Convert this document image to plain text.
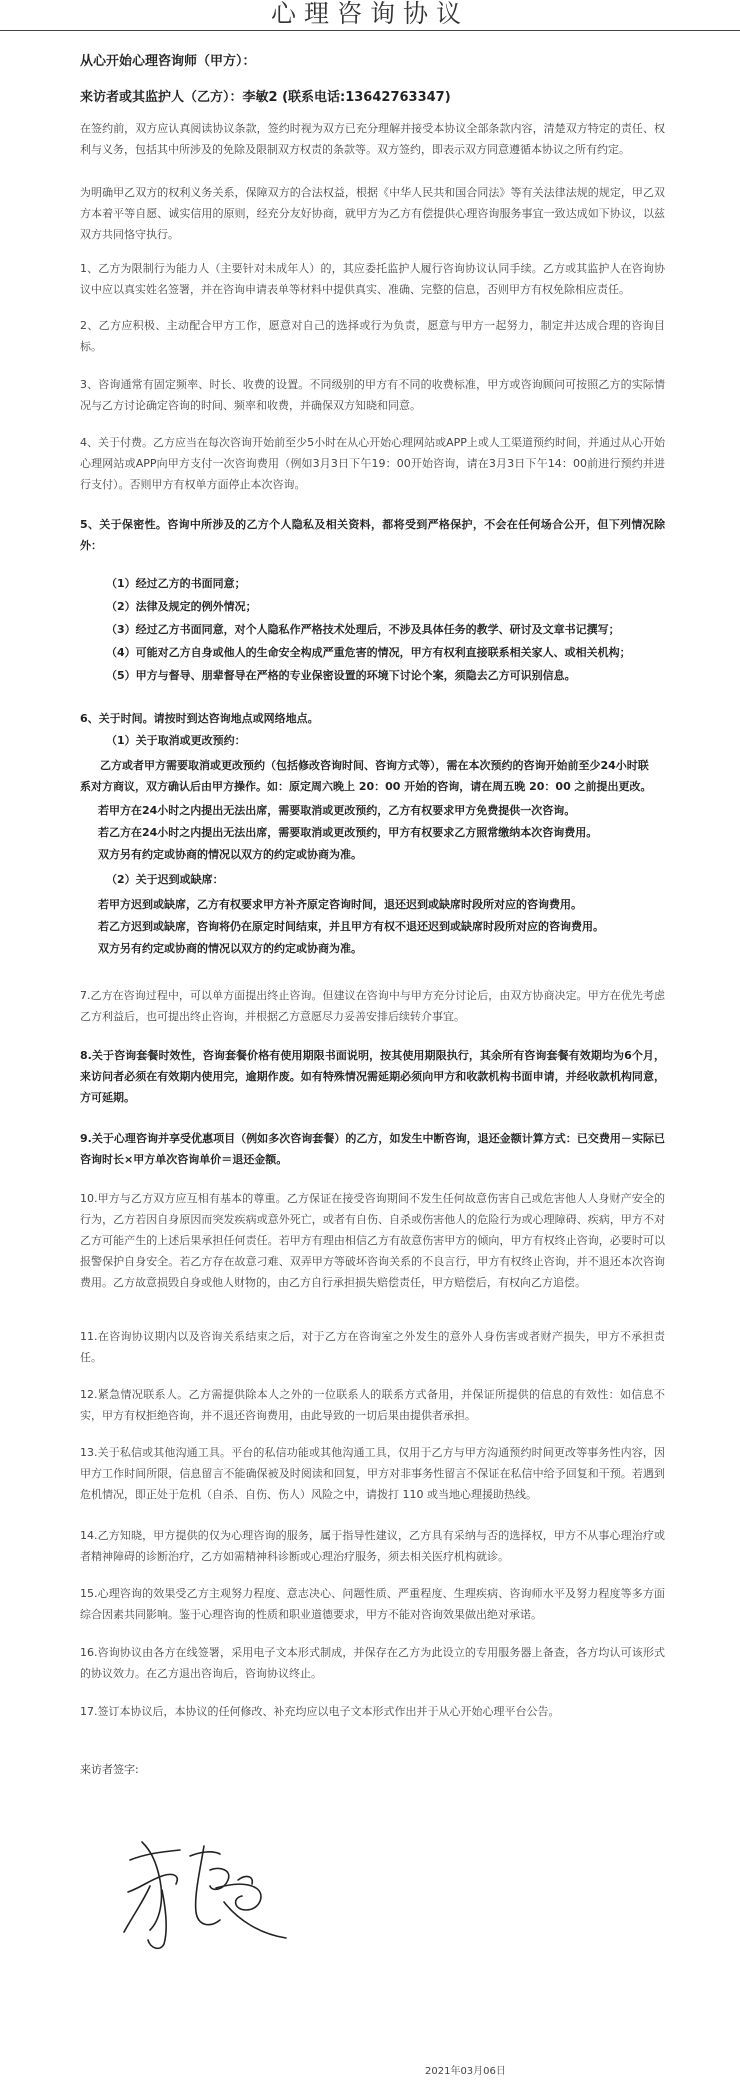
心理咨询协议
从心开始心理咨询师（甲方）：
来访者或其监护人（乙方）：李敏2 (联系电话:13642763347)

在签约前，双方应认真阅读协议条款，签约时视为双方已充分理解并接受本协议全部条款内容，清楚双方特定的责任、权利与义务，包括其中所涉及的免除及限制双方权责的条款等。双方签约，即表示双方同意遵循本协议之所有约定。

为明确甲乙双方的权利义务关系，保障双方的合法权益，根据《中华人民共和国合同法》等有关法律法规的规定，甲乙双方本着平等自愿、诚实信用的原则，经充分友好协商，就甲方为乙方有偿提供心理咨询服务事宜一致达成如下协议，以兹双方共同恪守执行。

1、乙方为限制行为能力人（主要针对未成年人）的，其应委托监护人履行咨询协议认同手续。乙方或其监护人在咨询协议中应以真实姓名签署，并在咨询申请表单等材料中提供真实、准确、完整的信息，否则甲方有权免除相应责任。

2、乙方应积极、主动配合甲方工作，愿意对自己的选择或行为负责，愿意与甲方一起努力，制定并达成合理的咨询目标。

3、咨询通常有固定频率、时长、收费的设置。不同级别的甲方有不同的收费标准，甲方或咨询顾问可按照乙方的实际情况与乙方讨论确定咨询的时间、频率和收费，并确保双方知晓和同意。

4、关于付费。乙方应当在每次咨询开始前至少5小时在从心开始心理网站或APP上或人工渠道预约时间，并通过从心开始心理网站或APP向甲方支付一次咨询费用（例如3月3日下午19：00开始咨询，请在3月3日下午14：00前进行预约并进行支付）。否则甲方有权单方面停止本次咨询。

5、关于保密性。咨询中所涉及的乙方个人隐私及相关资料，都将受到严格保护，不会在任何场合公开，但下列情况除外：

（1）经过乙方的书面同意；
（2）法律及规定的例外情况；
（3）经过乙方书面同意，对个人隐私作严格技术处理后，不涉及具体任务的教学、研讨及文章书记撰写；
（4）可能对乙方自身或他人的生命安全构成严重危害的情况，甲方有权利直接联系相关家人、或相关机构；
（5）甲方与督导、朋辈督导在严格的专业保密设置的环境下讨论个案，须隐去乙方可识别信息。
6、关于时间。请按时到达咨询地点或网络地点。
（1）关于取消或更改预约：
乙方或者甲方需要取消或更改预约（包括修改咨询时间、咨询方式等），需在本次预约的咨询开始前至少24小时联
系对方商议，双方确认后由甲方操作。如：原定周六晚上 20：00 开始的咨询，请在周五晚 20：00 之前提出更改。
若甲方在24小时之内提出无法出席，需要取消或更改预约，乙方有权要求甲方免费提供一次咨询。
若乙方在24小时之内提出无法出席，需要取消或更改预约，甲方有权要求乙方照常缴纳本次咨询费用。
双方另有约定或协商的情况以双方的约定或协商为准。
（2）关于迟到或缺席：
若甲方迟到或缺席，乙方有权要求甲方补齐原定咨询时间，退还迟到或缺席时段所对应的咨询费用。
若乙方迟到或缺席，咨询将仍在原定时间结束，并且甲方有权不退还迟到或缺席时段所对应的咨询费用。
双方另有约定或协商的情况以双方的约定或协商为准。

7.乙方在咨询过程中，可以单方面提出终止咨询。但建议在咨询中与甲方充分讨论后，由双方协商决定。甲方在优先考虑乙方利益后，也可提出终止咨询，并根据乙方意愿尽力妥善安排后续转介事宜。

8.关于咨询套餐时效性，咨询套餐价格有使用期限书面说明，按其使用期限执行，其余所有咨询套餐有效期均为6个月，来访问者必须在有效期内使用完，逾期作废。如有特殊情况需延期必须向甲方和收款机构书面申请，并经收款机构同意，方可延期。

9.关于心理咨询并享受优惠项目（例如多次咨询套餐）的乙方，如发生中断咨询，退还金额计算方式：已交费用－实际已咨询时长×甲方单次咨询单价＝退还金额。

10.甲方与乙方双方应互相有基本的尊重。乙方保证在接受咨询期间不发生任何故意伤害自己或危害他人人身财产安全的行为，乙方若因自身原因而突发疾病或意外死亡，或者有自伤、自杀或伤害他人的危险行为或心理障碍、疾病，甲方不对乙方可能产生的上述后果承担任何责任。若甲方有理由相信乙方有故意伤害甲方的倾向，甲方有权终止咨询，必要时可以报警保护自身安全。若乙方存在故意刁难、双弄甲方等破坏咨询关系的不良言行，甲方有权终止咨询，并不退还本次咨询费用。乙方故意损毁自身或他人财物的，由乙方自行承担损失赔偿责任，甲方赔偿后，有权向乙方追偿。

11.在咨询协议期内以及咨询关系结束之后，对于乙方在咨询室之外发生的意外人身伤害或者财产损失，甲方不承担责任。

12.紧急情况联系人。乙方需提供除本人之外的一位联系人的联系方式备用，并保证所提供的信息的有效性：如信息不实，甲方有权拒绝咨询，并不退还咨询费用，由此导致的一切后果由提供者承担。

13.关于私信或其他沟通工具。平台的私信功能或其他沟通工具，仅用于乙方与甲方沟通预约时间更改等事务性内容，因甲方工作时间所限，信息留言不能确保被及时阅读和回复，甲方对非事务性留言不保证在私信中给予回复和干预。若遇到危机情况，即正处于危机（自杀、自伤、伤人）风险之中，请拨打 110 或当地心理援助热线。

14.乙方知晓，甲方提供的仅为心理咨询的服务，属于指导性建议，乙方具有采纳与否的选择权，甲方不从事心理治疗或者精神障碍的诊断治疗，乙方如需精神科诊断或心理治疗服务，须去相关医疗机构就诊。

15.心理咨询的效果受乙方主观努力程度、意志决心、问题性质、严重程度、生理疾病、咨询师水平及努力程度等多方面综合因素共同影响。鉴于心理咨询的性质和职业道德要求，甲方不能对咨询效果做出绝对承诺。

16.咨询协议由各方在线签署，采用电子文本形式制成，并保存在乙方为此设立的专用服务器上备查，各方均认可该形式的协议效力。在乙方退出咨询后，咨询协议终止。

17.签订本协议后，本协议的任何修改、补充均应以电子文本形式作出并于从心开始心理平台公告。

来访者签字:
2021年03月06日
